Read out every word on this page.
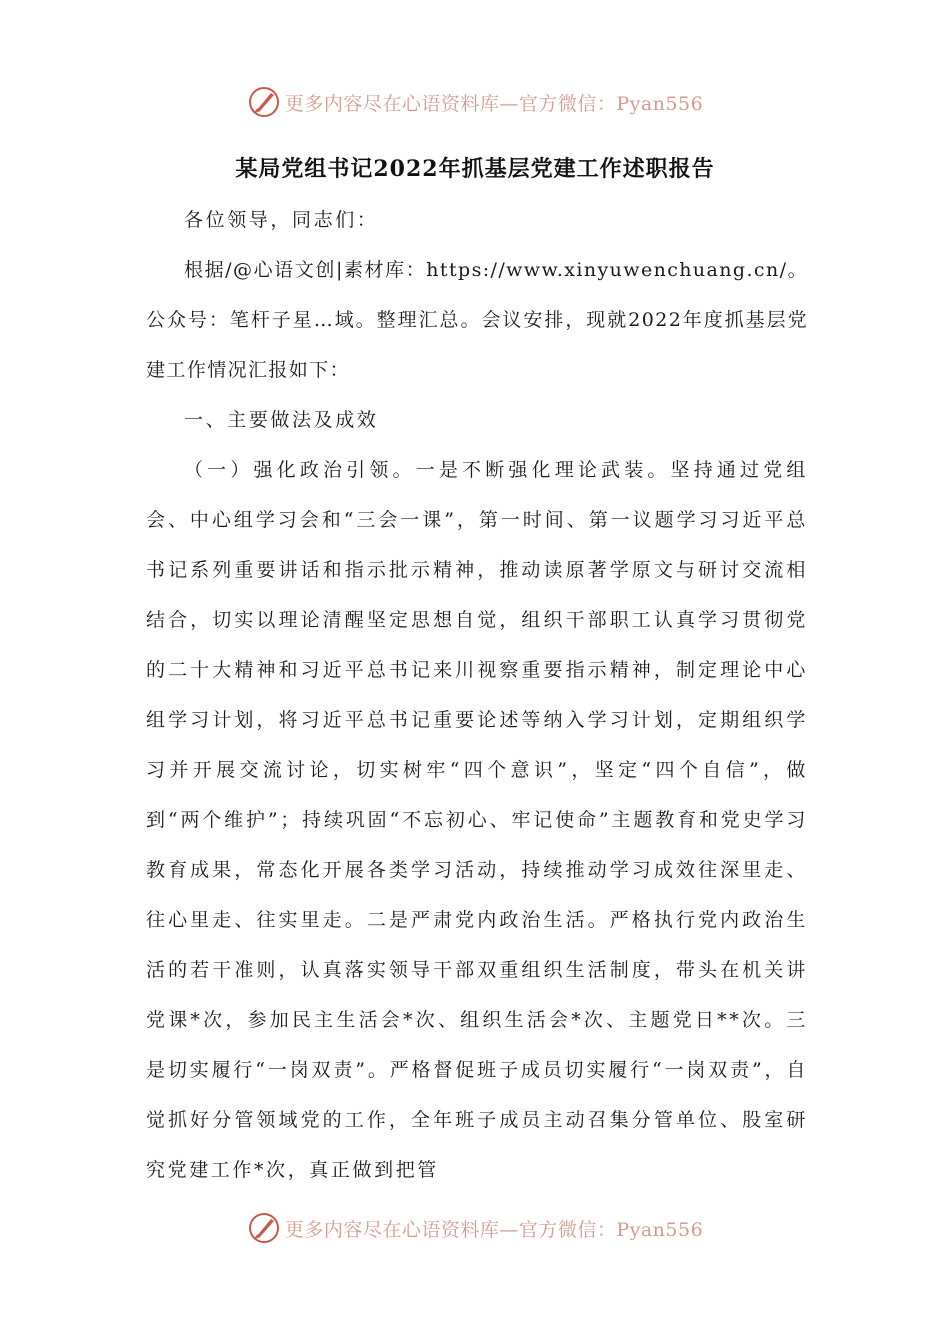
更多内容尽在心语资料库—官方微信：Pyan556
某局党组书记2022年抓基层党建工作述职报告

各位领导，同志们：

根据/@心语文创|素材库：https://www.xinyuwenchuang.cn/。公众号：笔杆子星…域。整理汇总。会议安排，现就2022年度抓基层党建工作情况汇报如下：

一、主要做法及成效

（一）强化政治引领。一是不断强化理论武装。坚持通过党组会、中心组学习会和“三会一课”，第一时间、第一议题学习习近平总书记系列重要讲话和指示批示精神，推动读原著学原文与研讨交流相结合，切实以理论清醒坚定思想自觉，组织干部职工认真学习贯彻党的二十大精神和习近平总书记来川视察重要指示精神，制定理论中心组学习计划，将习近平总书记重要论述等纳入学习计划，定期组织学习并开展交流讨论，切实树牢“四个意识”，坚定“四个自信”，做到“两个维护”；持续巩固“不忘初心、牢记使命”主题教育和党史学习教育成果，常态化开展各类学习活动，持续推动学习成效往深里走、往心里走、往实里走。二是严肃党内政治生活。严格执行党内政治生活的若干准则，认真落实领导干部双重组织生活制度，带头在机关讲党课*次，参加民主生活会*次、组织生活会*次、主题党日**次。三是切实履行“一岗双责”。严格督促班子成员切实履行“一岗双责”，自觉抓好分管领域党的工作，全年班子成员主动召集分管单位、股室研究党建工作*次，真正做到把管

更多内容尽在心语资料库—官方微信：Pyan556
